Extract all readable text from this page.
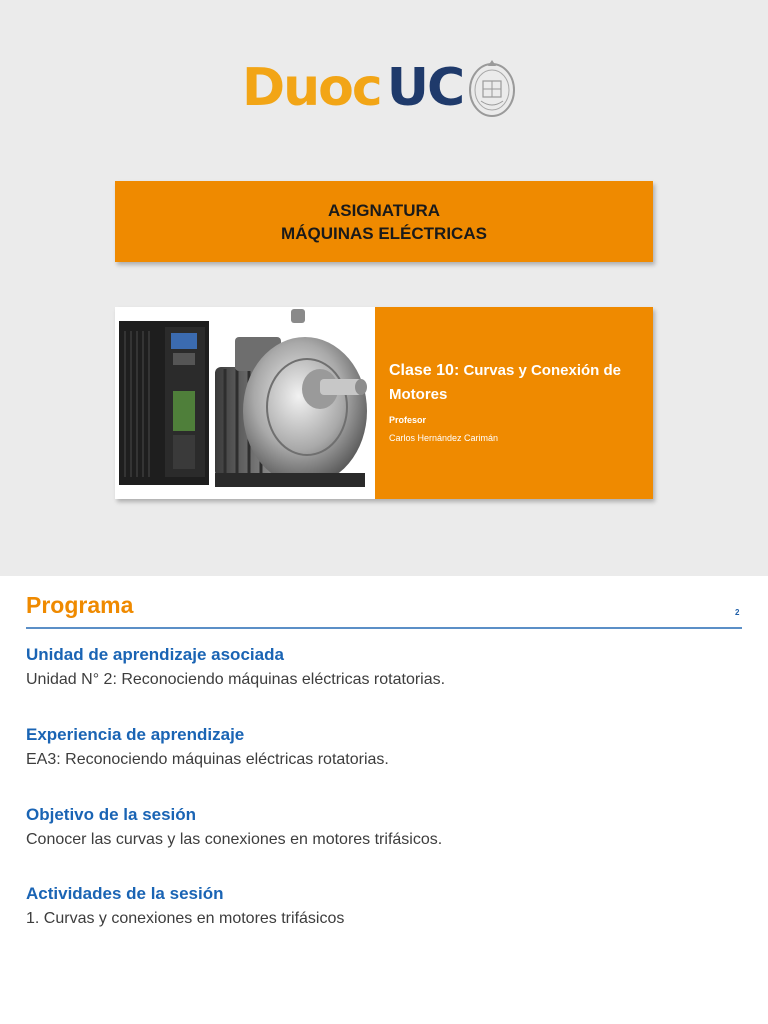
Duoc UC
ASIGNATURA
MÁQUINAS ELÉCTRICAS
Clase 10: Curvas y Conexión de Motores
Profesor
Carlos Hernández Carimán
Programa	2
Unidad de aprendizaje asociada
Unidad N° 2: Reconociendo máquinas eléctricas rotatorias.
Experiencia de aprendizaje
EA3: Reconociendo máquinas eléctricas rotatorias.
Objetivo de la sesión
Conocer las curvas y las conexiones en motores trifásicos.
Actividades de la sesión
1. Curvas y conexiones en motores trifásicos
